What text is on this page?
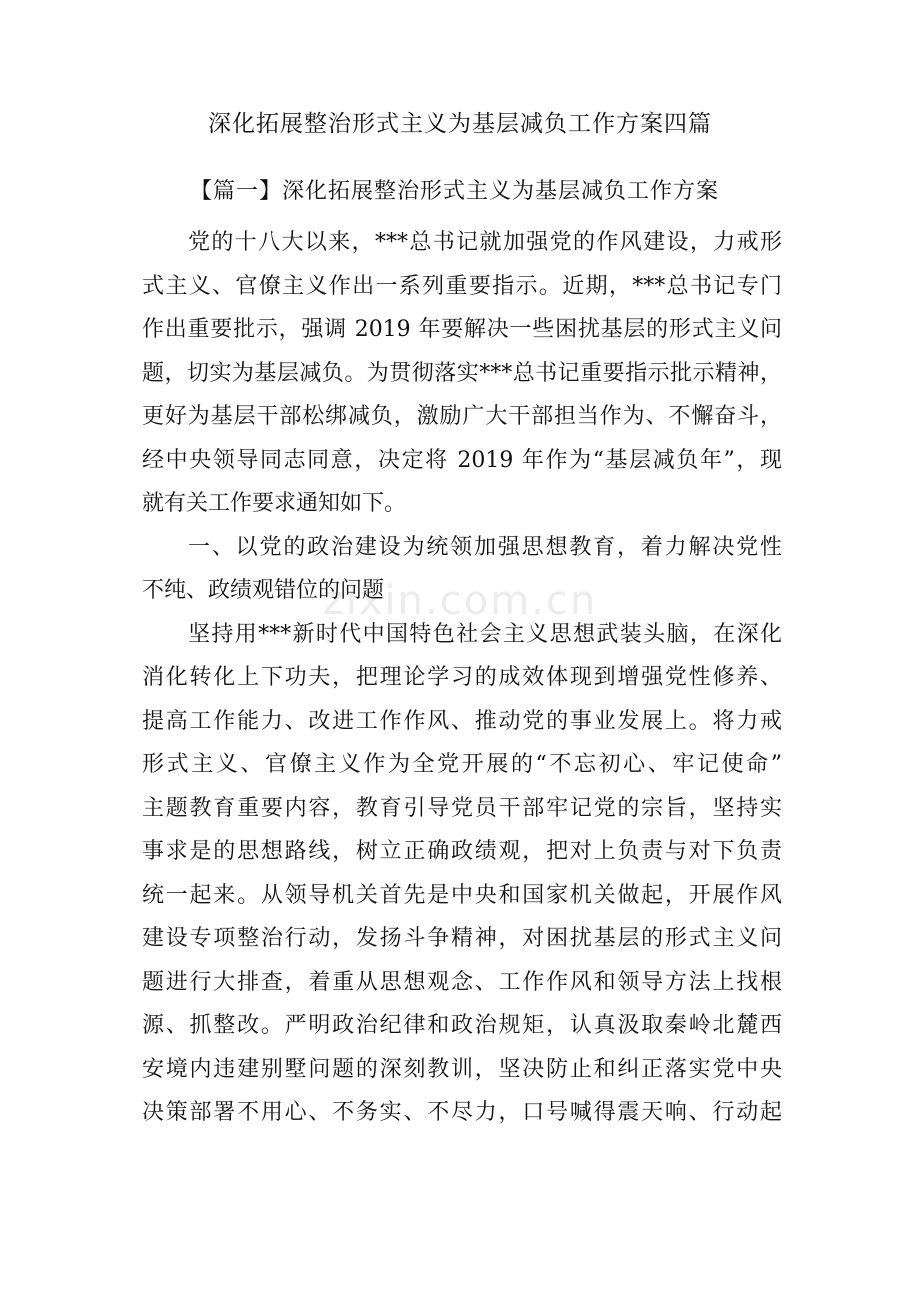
zixin.com.cn
深化拓展整治形式主义为基层减负工作方案四篇
【篇一】深化拓展整治形式主义为基层减负工作方案
党的十八大以来，***总书记就加强党的作风建设，力戒形
式主义、官僚主义作出一系列重要指示。近期，***总书记专门
作出重要批示，强调 2019 年要解决一些困扰基层的形式主义问
题，切实为基层减负。为贯彻落实***总书记重要指示批示精神，
更好为基层干部松绑减负，激励广大干部担当作为、不懈奋斗，
经中央领导同志同意，决定将 2019 年作为“基层减负年”，现
就有关工作要求通知如下。
一、以党的政治建设为统领加强思想教育，着力解决党性
不纯、政绩观错位的问题
坚持用***新时代中国特色社会主义思想武装头脑，在深化
消化转化上下功夫，把理论学习的成效体现到增强党性修养、
提高工作能力、改进工作作风、推动党的事业发展上。将力戒
形式主义、官僚主义作为全党开展的“不忘初心、牢记使命”
主题教育重要内容，教育引导党员干部牢记党的宗旨，坚持实
事求是的思想路线，树立正确政绩观，把对上负责与对下负责
统一起来。从领导机关首先是中央和国家机关做起，开展作风
建设专项整治行动，发扬斗争精神，对困扰基层的形式主义问
题进行大排查，着重从思想观念、工作作风和领导方法上找根
源、抓整改。严明政治纪律和政治规矩，认真汲取秦岭北麓西
安境内违建别墅问题的深刻教训，坚决防止和纠正落实党中央
决策部署不用心、不务实、不尽力，口号喊得震天响、行动起
